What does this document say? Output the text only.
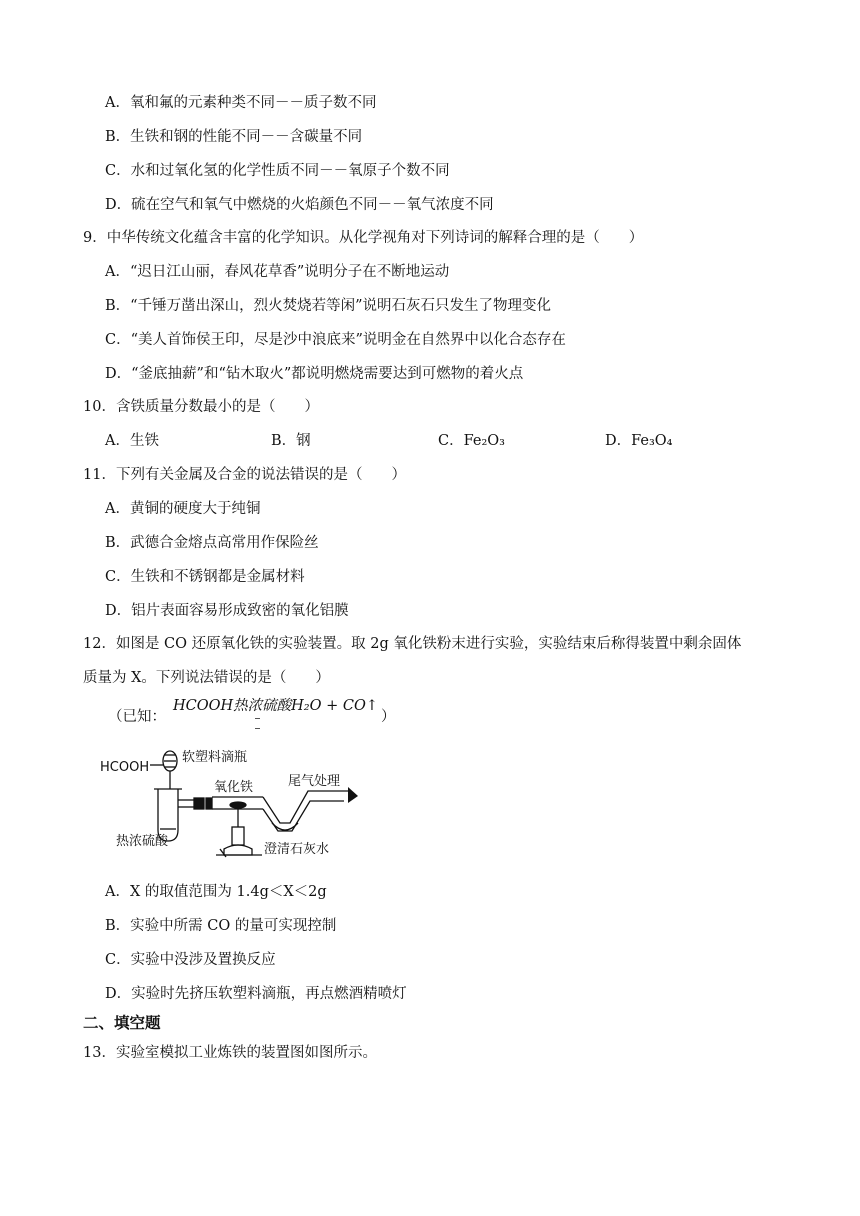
A．氧和氟的元素种类不同－－质子数不同
B．生铁和钢的性能不同－－含碳量不同
C．水和过氧化氢的化学性质不同－－氧原子个数不同
D．硫在空气和氧气中燃烧的火焰颜色不同－－氧气浓度不同
9．中华传统文化蕴含丰富的化学知识。从化学视角对下列诗词的解释合理的是（　　）
A．“迟日江山丽，春风花草香”说明分子在不断地运动
B．“千锤万凿出深山，烈火焚烧若等闲”说明石灰石只发生了物理变化
C．“美人首饰侯王印，尽是沙中浪底来”说明金在自然界中以化合态存在
D．“釜底抽薪”和“钻木取火”都说明燃烧需要达到可燃物的着火点
10．含铁质量分数最小的是（　　）
A．生铁	B．钢	C．Fe₂O₃	D．Fe₃O₄
11．下列有关金属及合金的说法错误的是（　　）
A．黄铜的硬度大于纯铜
B．武德合金熔点高常用作保险丝
C．生铁和不锈钢都是金属材料
D．铝片表面容易形成致密的氧化铝膜
12．如图是 CO 还原氧化铁的实验装置。取 2g 氧化铁粉末进行实验，实验结束后称得装置中剩余固体
质量为 X。下列说法错误的是（　　）
（已知：
HCOOH热浓硫酸H₂O + CO↑
）
HCOOH
软塑料滴瓶
氧化铁	尾气处理
热浓硫酸
澄清石灰水
A．X 的取值范围为 1.4g＜X＜2g
B．实验中所需 CO 的量可实现控制
C．实验中没涉及置换反应
D．实验时先挤压软塑料滴瓶，再点燃酒精喷灯
二、填空题
13．实验室模拟工业炼铁的装置图如图所示。
